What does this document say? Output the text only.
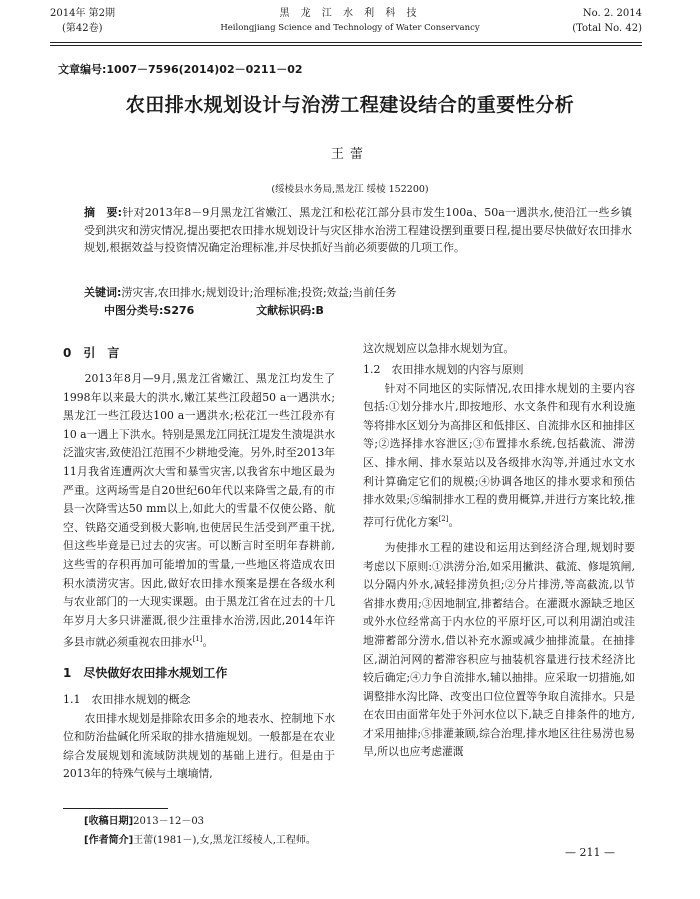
2014年 第2期
(第42卷)
黑 龙 江 水 利 科 技
Heilongjiang Science and Technology of Water Conservancy
No. 2. 2014
(Total No. 42)
文章编号:1007－7596(2014)02－0211－02
农田排水规划设计与治涝工程建设结合的重要性分析
王蕾
(绥棱县水务局,黑龙江 绥棱 152200)
摘　要:针对2013年8－9月黑龙江省嫩江、黑龙江和松花江部分县市发生100a、50a一遇洪水,使沿江一些乡镇受到洪灾和涝灾情况,提出要把农田排水规划设计与灾区排水治涝工程建设摆到重要日程,提出要尽快做好农田排水规划,根据效益与投资情况确定治理标准,并尽快抓好当前必须要做的几项工作。
关键词:涝灾害,农田排水;规划设计;治理标准;投资;效益;当前任务
中图分类号:S276	文献标识码:B
0　引　言

2013年8月—9月,黑龙江省嫩江、黑龙江均发生了1998年以来最大的洪水,嫩江某些江段超50 a一遇洪水;黑龙江一些江段达100 a一遇洪水;松花江一些江段亦有10 a一遇上下洪水。特别是黑龙江同抚江堤发生溃堤洪水泛滥灾害,致使沿江范围不少耕地受淹。另外,时至2013年11月我省连遭两次大雪和暴雪灾害,以我省东中地区最为严重。这两场雪是自20世纪60年代以来降雪之最,有的市县一次降雪达50 mm以上,如此大的雪量不仅使公路、航空、铁路交通受到极大影响,也使居民生活受到严重干扰,但这些毕竟是已过去的灾害。可以断言时至明年春耕前,这些雪的存积再加可能增加的雪量,一些地区将造成农田积水渍涝灾害。因此,做好农田排水预案是摆在各级水利与农业部门的一大现实课题。由于黑龙江省在过去的十几年岁月大多只讲灌溉,很少注重排水治涝,因此,2014年许多县市就必须重视农田排水[1]。

1　尽快做好农田排水规划工作
1.1　农田排水规划的概念

农田排水规划是排除农田多余的地表水、控制地下水位和防治盐碱化所采取的排水措施规划。一般都是在农业综合发展规划和流域防洪规划的基础上进行。但是由于2013年的特殊气候与土壤墒情,

这次规划应以急排水规划为宜。

1.2　农田排水规划的内容与原则

针对不同地区的实际情况,农田排水规划的主要内容包括:①划分排水片,即按地形、水文条件和现有水利设施等将排水区划分为高排区和低排区、自流排水区和抽排区等;②选择排水容泄区;③布置排水系统,包括截流、滞涝区、排水闸、排水泵站以及各级排水沟等,并通过水文水利计算确定它们的规模;④协调各地区的排水要求和预估排水效果;⑤编制排水工程的费用概算,并进行方案比较,推荐可行优化方案[2]。

为使排水工程的建设和运用达到经济合理,规划时要考虑以下原则:①洪涝分治,如采用撇洪、截流、修堤筑闸,以分隔内外水,减轻排涝负担;②分片排涝,等高截流,以节省排水费用;③因地制宜,排蓄结合。在灌溉水源缺乏地区或外水位经常高于内水位的平原圩区,可以利用湖泊或洼地滞蓄部分涝水,借以补充水源或减少抽排流量。在抽排区,湖泊河网的蓄滞容积应与抽装机容量进行技术经济比较后确定;④力争自流排水,辅以抽排。应采取一切措施,如调整排水沟比降、改变出口位位置等争取自流排水。只是在农田由面常年处于外河水位以下,缺乏自排条件的地方,才采用抽排;⑤排灌兼顾,综合治理,排水地区往往易涝也易旱,所以也应考虑灌溉

[收稿日期]2013－12－03
[作者简介]王蕾(1981－),女,黑龙江绥棱人,工程师。
— 211 —
